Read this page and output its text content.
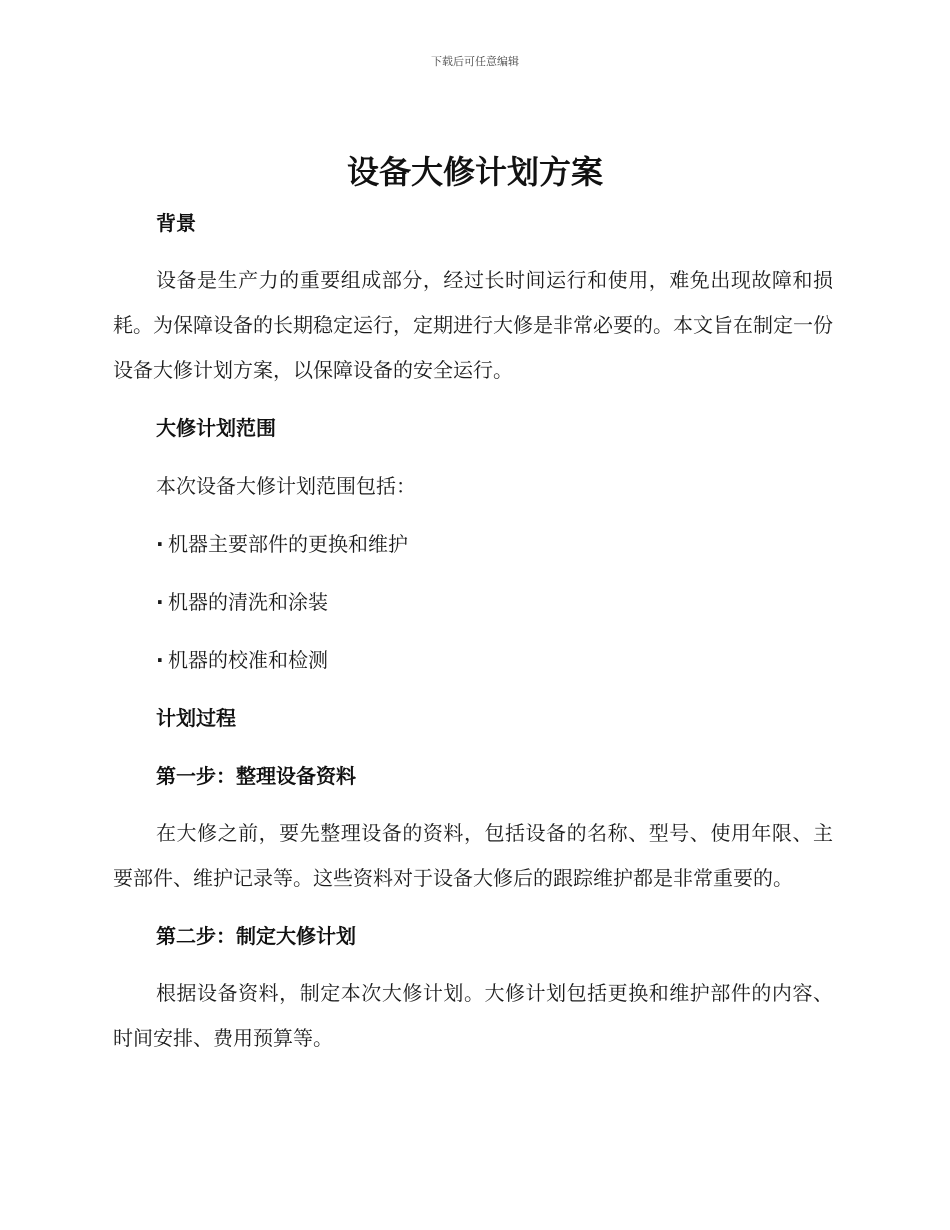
下载后可任意编辑
设备大修计划方案
背景

设备是生产力的重要组成部分，经过长时间运行和使用，难免出现故障和损耗。为保障设备的长期稳定运行，定期进行大修是非常必要的。本文旨在制定一份设备大修计划方案，以保障设备的安全运行。

大修计划范围
本次设备大修计划范围包括：
· 机器主要部件的更换和维护
· 机器的清洗和涂装
· 机器的校准和检测
计划过程
第一步：整理设备资料

在大修之前，要先整理设备的资料，包括设备的名称、型号、使用年限、主要部件、维护记录等。这些资料对于设备大修后的跟踪维护都是非常重要的。

第二步：制定大修计划

根据设备资料，制定本次大修计划。大修计划包括更换和维护部件的内容、时间安排、费用预算等。
